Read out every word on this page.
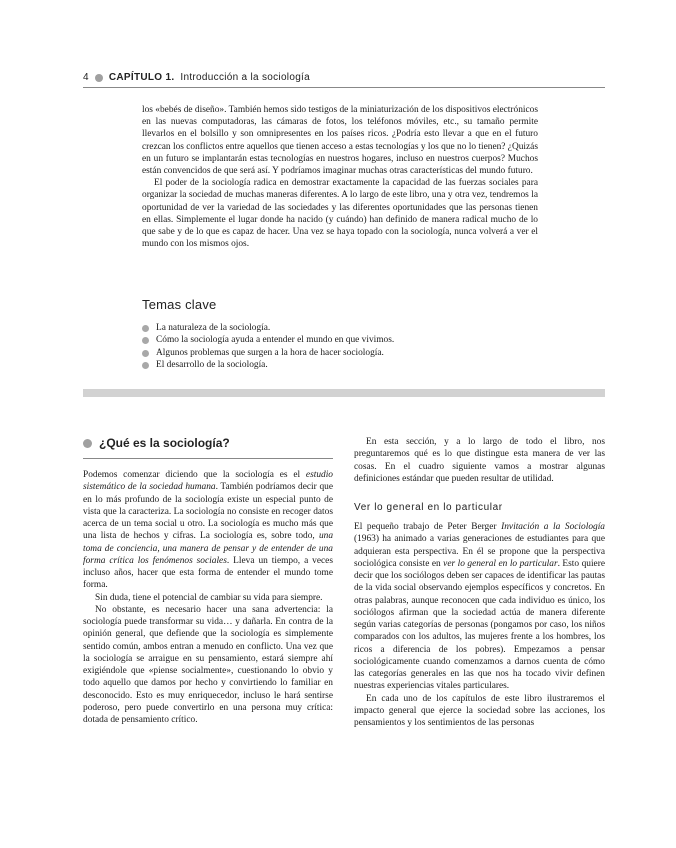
4 CAPÍTULO 1. Introducción a la sociología

los «bebés de diseño». También hemos sido testigos de la miniaturización de los dispositivos electrónicos en las nuevas computadoras, las cámaras de fotos, los teléfonos móviles, etc., su tamaño permite llevarlos en el bolsillo y son omnipresentes en los países ricos. ¿Podría esto llevar a que en el futuro crezcan los conflictos entre aquellos que tienen acceso a estas tecnologías y los que no lo tienen? ¿Quizás en un futuro se implantarán estas tecnologías en nuestros hogares, incluso en nuestros cuerpos? Muchos están convencidos de que será así. Y podríamos imaginar muchas otras características del mundo futuro.

El poder de la sociología radica en demostrar exactamente la capacidad de las fuerzas sociales para organizar la sociedad de muchas maneras diferentes. A lo largo de este libro, una y otra vez, tendremos la oportunidad de ver la variedad de las sociedades y las diferentes oportunidades que las personas tienen en ellas. Simplemente el lugar donde ha nacido (y cuándo) han definido de manera radical mucho de lo que sabe y de lo que es capaz de hacer. Una vez se haya topado con la sociología, nunca volverá a ver el mundo con los mismos ojos.

Temas clave
La naturaleza de la sociología.
Cómo la sociología ayuda a entender el mundo en que vivimos.
Algunos problemas que surgen a la hora de hacer sociología.
El desarrollo de la sociología.
¿Qué es la sociología?

Podemos comenzar diciendo que la sociología es el estudio sistemático de la sociedad humana. También podríamos decir que en lo más profundo de la sociología existe un especial punto de vista que la caracteriza. La sociología no consiste en recoger datos acerca de un tema social u otro. La sociología es mucho más que una lista de hechos y cifras. La sociología es, sobre todo, una toma de conciencia, una manera de pensar y de entender de una forma crítica los fenómenos sociales. Lleva un tiempo, a veces incluso años, hacer que esta forma de entender el mundo tome forma.

Sin duda, tiene el potencial de cambiar su vida para siempre.

No obstante, es necesario hacer una sana advertencia: la sociología puede transformar su vida… y dañarla. En contra de la opinión general, que defiende que la sociología es simplemente sentido común, ambos entran a menudo en conflicto. Una vez que la sociología se arraigue en su pensamiento, estará siempre ahí exigiéndole que «piense socialmente», cuestionando lo obvio y todo aquello que damos por hecho y convirtiendo lo familiar en desconocido. Esto es muy enriquecedor, incluso le hará sentirse poderoso, pero puede convertirlo en una persona muy crítica: dotada de pensamiento crítico.

En esta sección, y a lo largo de todo el libro, nos preguntaremos qué es lo que distingue esta manera de ver las cosas. En el cuadro siguiente vamos a mostrar algunas definiciones estándar que pueden resultar de utilidad.

Ver lo general en lo particular

El pequeño trabajo de Peter Berger Invitación a la Sociología (1963) ha animado a varias generaciones de estudiantes para que adquieran esta perspectiva. En él se propone que la perspectiva sociológica consiste en ver lo general en lo particular. Esto quiere decir que los sociólogos deben ser capaces de identificar las pautas de la vida social observando ejemplos específicos y concretos. En otras palabras, aunque reconocen que cada individuo es único, los sociólogos afirman que la sociedad actúa de manera diferente según varias categorías de personas (pongamos por caso, los niños comparados con los adultos, las mujeres frente a los hombres, los ricos a diferencia de los pobres). Empezamos a pensar sociológicamente cuando comenzamos a darnos cuenta de cómo las categorías generales en las que nos ha tocado vivir definen nuestras experiencias vitales particulares.

En cada uno de los capítulos de este libro ilustraremos el impacto general que ejerce la sociedad sobre las acciones, los pensamientos y los sentimientos de las personas
